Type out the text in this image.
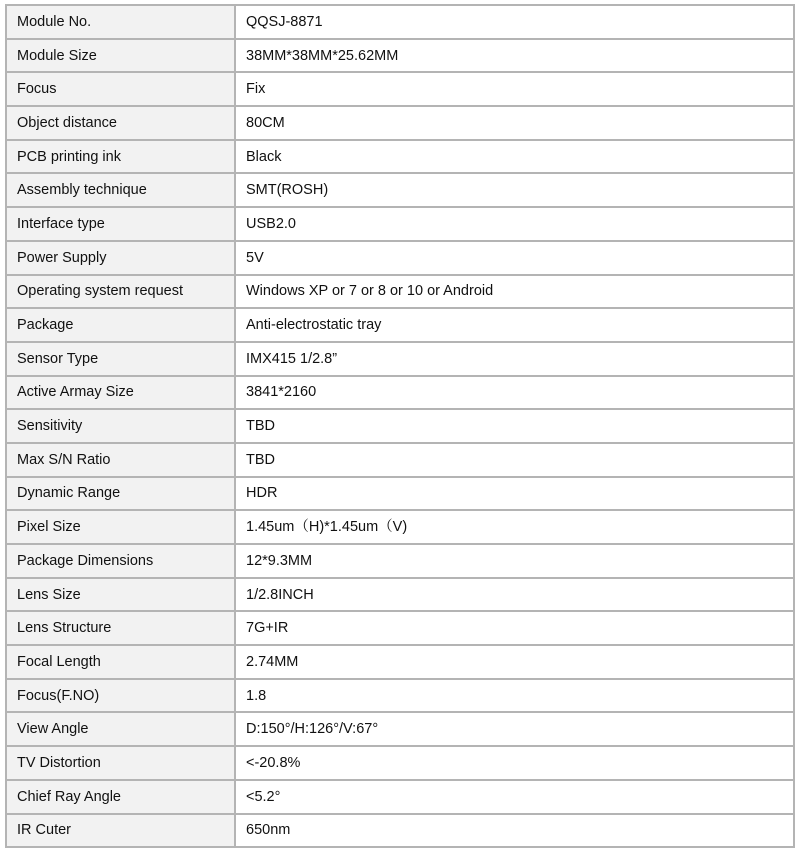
Module No.	QQSJ-8871
Module Size	38MM*38MM*25.62MM
Focus	Fix
Object distance	80CM
PCB printing ink	Black
Assembly technique	SMT(ROSH)
Interface type	USB2.0
Power Supply	5V
Operating system request	Windows XP or 7 or 8 or 10 or Android
Package	Anti-electrostatic tray
Sensor Type	IMX415 1/2.8”
Active Armay Size	3841*2160
Sensitivity	TBD
Max S/N Ratio	TBD
Dynamic Range	HDR
Pixel Size	1.45um（H)*1.45um（V)
Package Dimensions	12*9.3MM
Lens Size	1/2.8INCH
Lens Structure	7G+IR
Focal Length	2.74MM
Focus(F.NO)	1.8
View Angle	D:150°/H:126°/V:67°
TV Distortion	<-20.8%
Chief Ray Angle	<5.2°
IR Cuter	650nm
